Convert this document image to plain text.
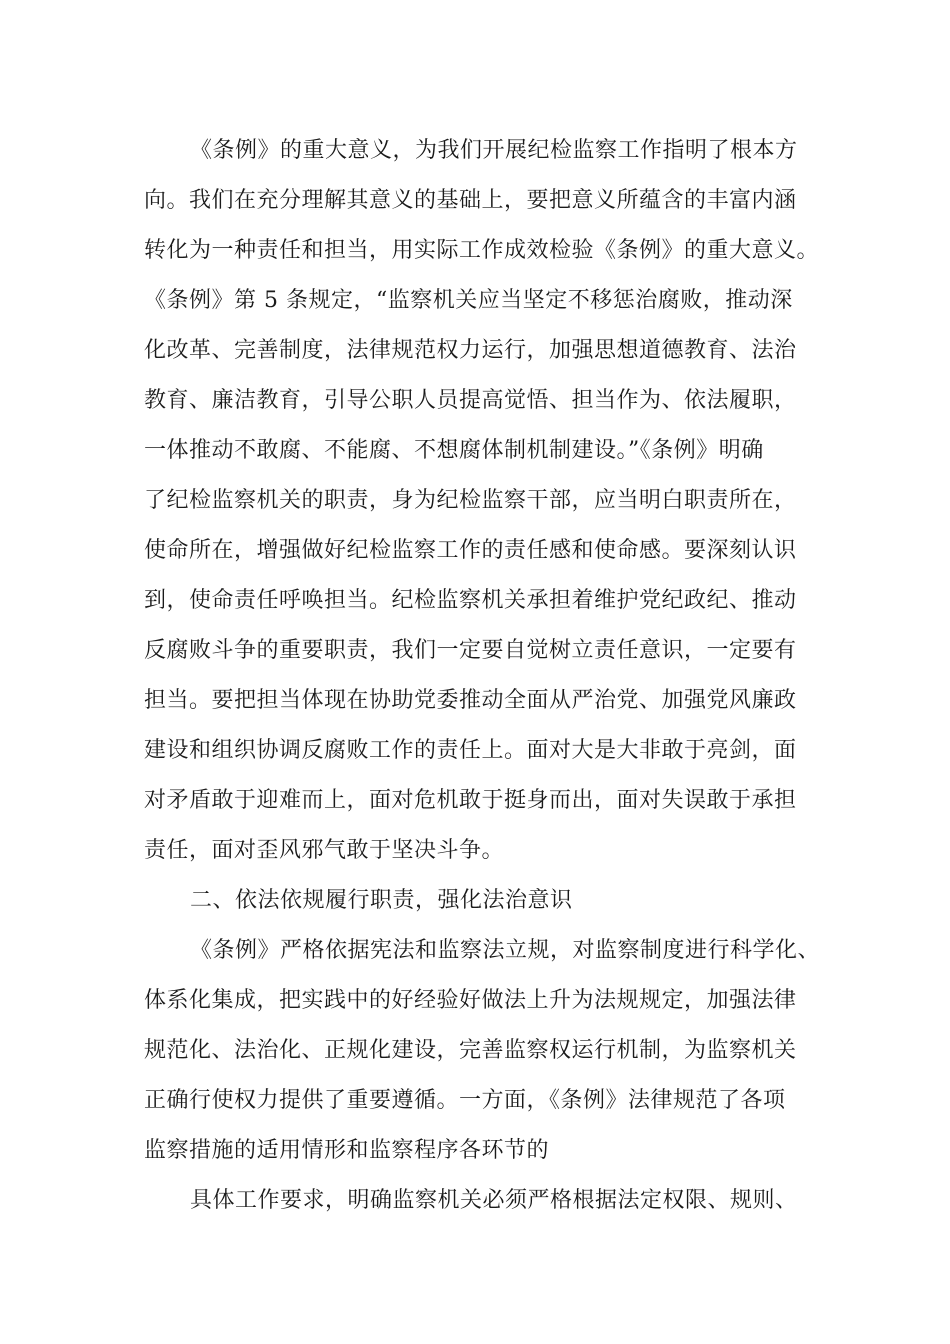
《条例》的重大意义，为我们开展纪检监察工作指明了根本方
向。我们在充分理解其意义的基础上，要把意义所蕴含的丰富内涵
转化为一种责任和担当，用实际工作成效检验《条例》的重大意义。
《条例》第 5 条规定，“监察机关应当坚定不移惩治腐败，推动深
化改革、完善制度，法律规范权力运行，加强思想道德教育、法治
教育、廉洁教育，引导公职人员提高觉悟、担当作为、依法履职，
一体推动不敢腐、不能腐、不想腐体制机制建设。”《条例》明确
了纪检监察机关的职责，身为纪检监察干部，应当明白职责所在，
使命所在，增强做好纪检监察工作的责任感和使命感。要深刻认识
到，使命责任呼唤担当。纪检监察机关承担着维护党纪政纪、推动
反腐败斗争的重要职责，我们一定要自觉树立责任意识，一定要有
担当。要把担当体现在协助党委推动全面从严治党、加强党风廉政
建设和组织协调反腐败工作的责任上。面对大是大非敢于亮剑，面
对矛盾敢于迎难而上，面对危机敢于挺身而出，面对失误敢于承担
责任，面对歪风邪气敢于坚决斗争。
二、依法依规履行职责，强化法治意识
《条例》严格依据宪法和监察法立规，对监察制度进行科学化、
体系化集成，把实践中的好经验好做法上升为法规规定，加强法律
规范化、法治化、正规化建设，完善监察权运行机制，为监察机关
正确行使权力提供了重要遵循。一方面，《条例》法律规范了各项
监察措施的适用情形和监察程序各环节的
具体工作要求，明确监察机关必须严格根据法定权限、规则、
